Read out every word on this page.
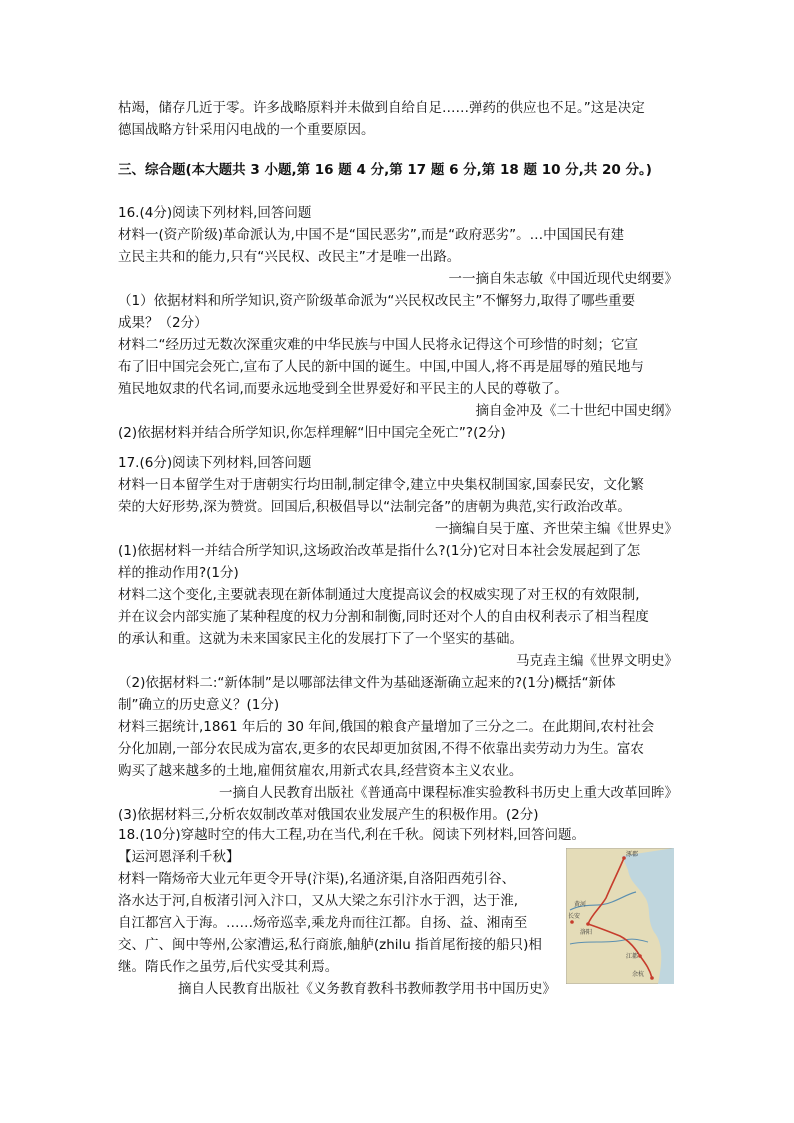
枯竭，储存几近于零。许多战略原料并未做到自给自足……弹药的供应也不足。”这是决定

德国战略方针采用闪电战的一个重要原因。

三、综合题(本大题共 3 小题,第 16 题 4 分,第 17 题 6 分,第 18 题 10 分,共 20 分。)

16.(4分)阅读下列材料,回答问题

材料一(资产阶级)革命派认为,中国不是“国民恶劣”,而是“政府恶劣”。…中国国民有建

立民主共和的能力,只有“兴民权、改民主”才是唯一出路。

一一摘自朱志敏《中国近现代史纲要》

（1）依据材料和所学知识,资产阶级革命派为“兴民权改民主”不懈努力,取得了哪些重要

成果？（2分）

材料二“经历过无数次深重灾难的中华民族与中国人民将永记得这个可珍惜的时刻；它宣

布了旧中国完会死亡,宣布了人民的新中国的诞生。中国,中国人,将不再是屈辱的殖民地与

殖民地奴隶的代名词,而要永远地受到全世界爱好和平民主的人民的尊敬了。

摘自金冲及《二十世纪中国史纲》

(2)依据材料并结合所学知识,你怎样理解“旧中国完全死亡”?(2分)

17.(6分)阅读下列材料,回答问题

材料一日本留学生对于唐朝实行均田制,制定律令,建立中央集权制国家,国泰民安，文化繁

荣的大好形势,深为赞赏。回国后,积极倡导以“法制完备”的唐朝为典范,实行政治改革。

一摘编自吴于廑、齐世荣主编《世界史》

(1)依据材料一并结合所学知识,这场政治改革是指什么?(1分)它对日本社会发展起到了怎

样的推动作用?(1分)

材料二这个变化,主要就表现在新体制通过大度提高议会的权威实现了对王权的有效限制,

并在议会内部实施了某种程度的权力分割和制衡,同时还对个人的自由权利表示了相当程度

的承认和重。这就为未来国家民主化的发展打下了一个坚实的基础。

马克垚主编《世界文明史》

（2)依据材料二:“新体制”是以哪部法律文件为基础逐渐确立起来的?(1分)概括“新体

制”确立的历史意义？(1分)

材料三据统计,1861 年后的 30 年间,俄国的粮食产量增加了三分之二。在此期间,农村社会

分化加剧,一部分农民成为富农,更多的农民却更加贫困,不得不依靠出卖劳动力为生。富农

购买了越来越多的土地,雇佣贫雇农,用新式农具,经营资本主义农业。

一摘自人民教育出版社《普通高中课程标准实验教科书历史上重大改革回眸》

(3)依据材料三,分析农奴制改革对俄国农业发展产生的积极作用。(2分)

18.(10分)穿越时空的伟大工程,功在当代,利在千秋。阅读下列材料,回答问题。

【运河恩泽利千秋】

材料一隋炀帝大业元年更令开导(汴渠),名通济渠,自洛阳西苑引谷、

洛水达于河,自板渚引河入汴口，又从大梁之东引汴水于泗，达于淮,

自江都宫入于海。……炀帝巡幸,乘龙舟而往江都。自扬、益、湘南至

交、广、闽中等州,公家漕运,私行商旅,舳舻(zhilu 指首尾衔接的船只)相

继。隋氏作之虽劳,后代实受其利焉。

摘自人民教育出版社《义务教育教科书教师教学用书中国历史》

涿郡
黄河
长安
洛阳
江都
余杭
